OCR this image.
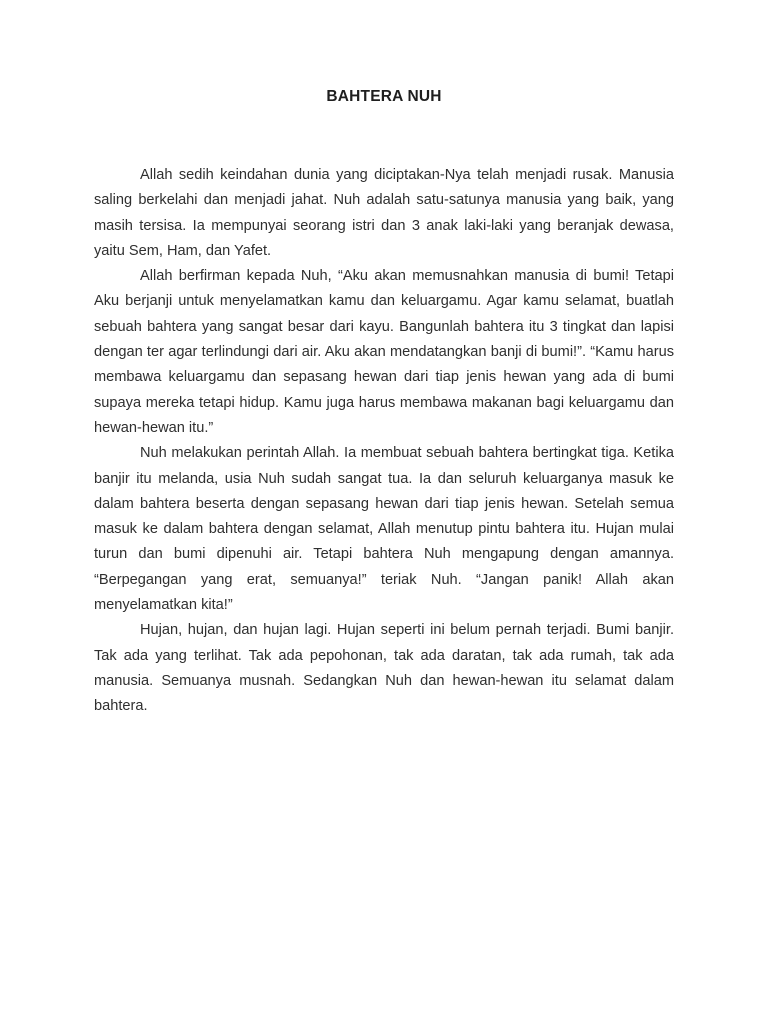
BAHTERA NUH

Allah sedih keindahan dunia yang diciptakan-Nya telah menjadi rusak. Manusia saling berkelahi dan menjadi jahat. Nuh adalah satu-satunya manusia yang baik, yang masih tersisa. Ia mempunyai seorang istri dan 3 anak laki-laki yang beranjak dewasa, yaitu Sem, Ham, dan Yafet.

Allah berfirman kepada Nuh, “Aku akan memusnahkan manusia di bumi! Tetapi Aku berjanji untuk menyelamatkan kamu dan keluargamu. Agar kamu selamat, buatlah sebuah bahtera yang sangat besar dari kayu. Bangunlah bahtera itu 3 tingkat dan lapisi dengan ter agar terlindungi dari air. Aku akan mendatangkan banji di bumi!”. “Kamu harus membawa keluargamu dan sepasang hewan dari tiap jenis hewan yang ada di bumi supaya mereka tetapi hidup. Kamu juga harus membawa makanan bagi keluargamu dan hewan-hewan itu.”

Nuh melakukan perintah Allah. Ia membuat sebuah bahtera bertingkat tiga. Ketika banjir itu melanda, usia Nuh sudah sangat tua. Ia dan seluruh keluarganya masuk ke dalam bahtera beserta dengan sepasang hewan dari tiap jenis hewan. Setelah semua masuk ke dalam bahtera dengan selamat, Allah menutup pintu bahtera itu. Hujan mulai turun dan bumi dipenuhi air. Tetapi bahtera Nuh mengapung dengan amannya. “Berpegangan yang erat, semuanya!” teriak Nuh. “Jangan panik! Allah akan menyelamatkan kita!”

Hujan, hujan, dan hujan lagi. Hujan seperti ini belum pernah terjadi. Bumi banjir. Tak ada yang terlihat. Tak ada pepohonan, tak ada daratan, tak ada rumah, tak ada manusia. Semuanya musnah. Sedangkan Nuh dan hewan-hewan itu selamat dalam bahtera.
